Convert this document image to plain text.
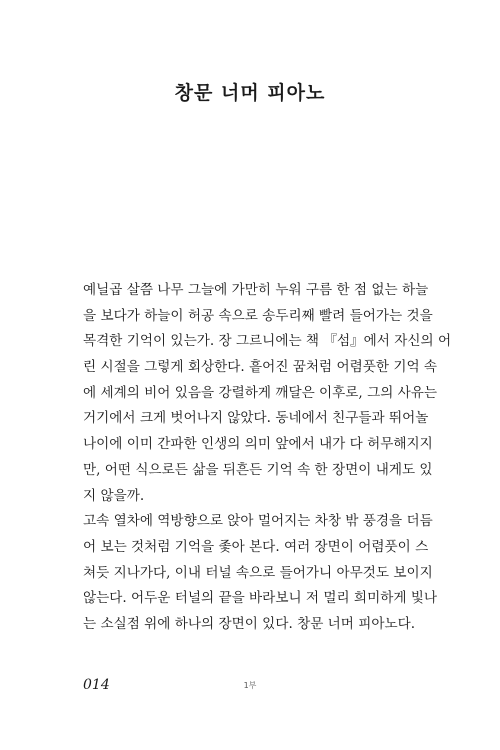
창문 너머 피아노

예닐곱 살쯤 나무 그늘에 가만히 누워 구름 한 점 없는 하늘
을 보다가 하늘이 허공 속으로 송두리째 빨려 들어가는 것을
목격한 기억이 있는가. 장 그르니에는 책 『섬』에서 자신의 어
린 시절을 그렇게 회상한다. 흩어진 꿈처럼 어렴풋한 기억 속
에 세계의 비어 있음을 강렬하게 깨달은 이후로, 그의 사유는
거기에서 크게 벗어나지 않았다. 동네에서 친구들과 뛰어놀
나이에 이미 간파한 인생의 의미 앞에서 내가 다 허무해지지
만, 어떤 식으로든 삶을 뒤흔든 기억 속 한 장면이 내게도 있
지 않을까.

고속 열차에 역방향으로 앉아 멀어지는 차창 밖 풍경을 더듬
어 보는 것처럼 기억을 좇아 본다. 여러 장면이 어렴풋이 스
쳐듯 지나가다, 이내 터널 속으로 들어가니 아무것도 보이지
않는다. 어두운 터널의 끝을 바라보니 저 멀리 희미하게 빛나
는 소실점 위에 하나의 장면이 있다. 창문 너머 피아노다.

014	1부
